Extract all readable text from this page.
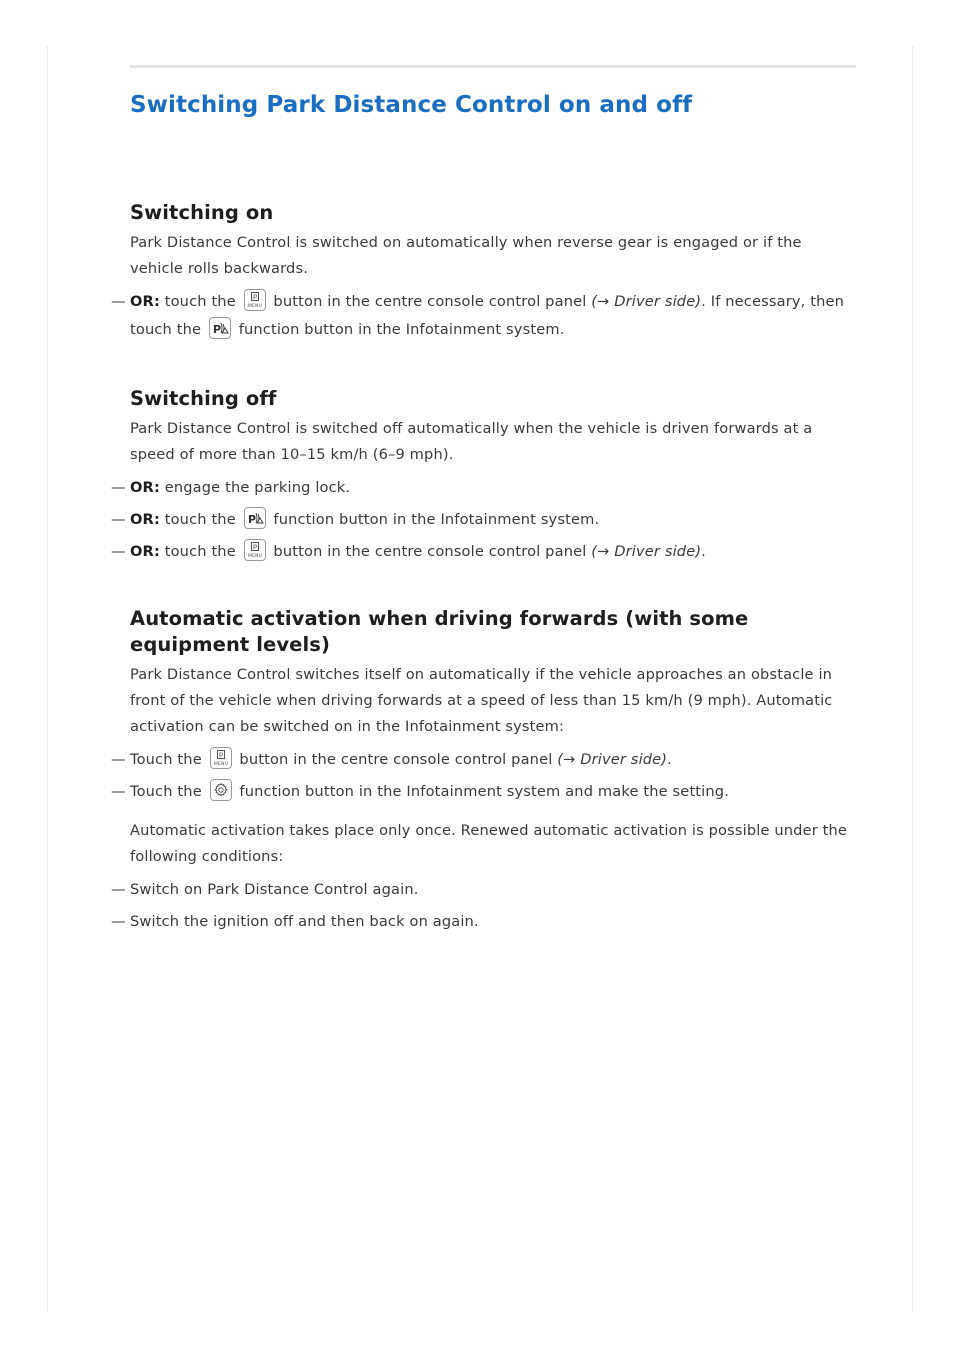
Switching Park Distance Control on and off
Switching on

Park Distance Control is switched on automatically when reverse gear is engaged or if the vehicle rolls backwards.

— OR: touch the P
MENU button in the centre console control panel (→ Driver side). If necessary, then
touch the P function button in the Infotainment system.
Switching off

Park Distance Control is switched off automatically when the vehicle is driven forwards at a speed of more than 10–15 km/h (6–9 mph).

— OR: engage the parking lock.
— OR: touch the P function button in the Infotainment system.
— OR: touch the P
MENU button in the centre console control panel (→ Driver side).
Automatic activation when driving forwards (with some equipment levels)

Park Distance Control switches itself on automatically if the vehicle approaches an obstacle in front of the vehicle when driving forwards at a speed of less than 15 km/h (9 mph). Automatic activation can be switched on in the Infotainment system:

— Touch the P
MENU button in the centre console control panel (→ Driver side).
— Touch the
function button in the Infotainment system and make the setting.

Automatic activation takes place only once. Renewed automatic activation is possible under the following conditions:

— Switch on Park Distance Control again.
— Switch the ignition off and then back on again.
